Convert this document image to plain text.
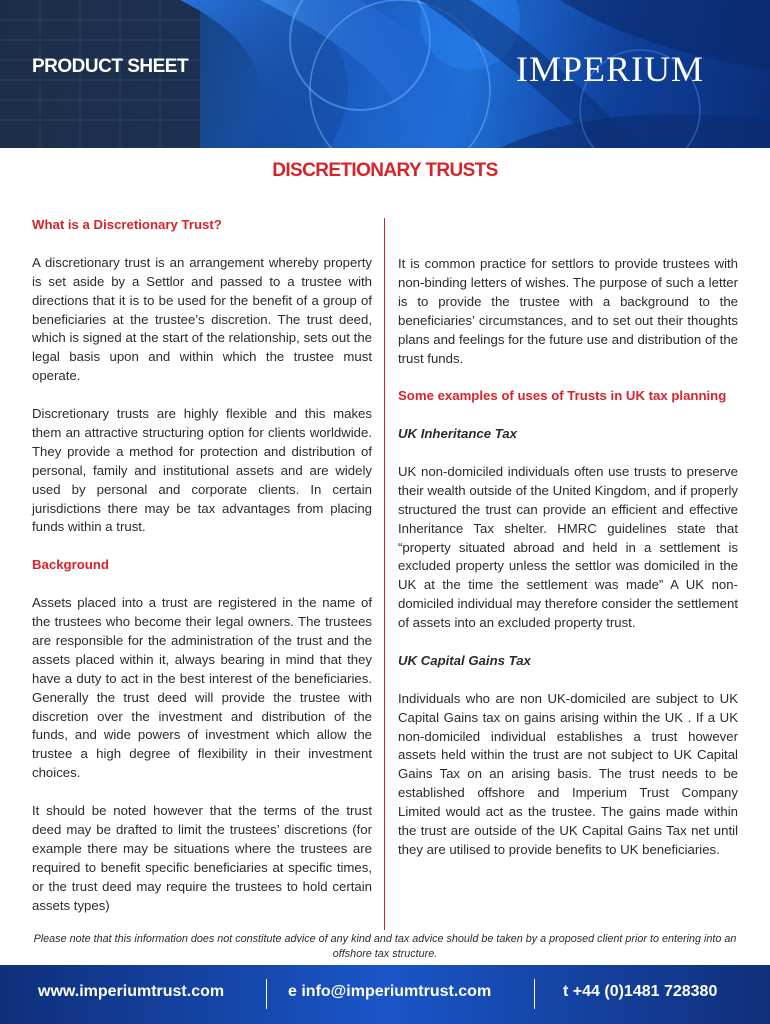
PRODUCT SHEET	IMPERIUM
DISCRETIONARY TRUSTS
What is a Discretionary Trust?

A discretionary trust is an arrangement whereby property is set aside by a Settlor and passed to a trustee with directions that it is to be used for the benefit of a group of beneficiaries at the trustee’s discretion. The trust deed, which is signed at the start of the relationship, sets out the legal basis upon and within which the trustee must operate.

Discretionary trusts are highly flexible and this makes them an attractive structuring option for clients worldwide. They provide a method for protection and distribution of personal, family and institutional assets and are widely used by personal and corporate clients. In certain jurisdictions there may be tax advantages from placing funds within a trust.

Background

Assets placed into a trust are registered in the name of the trustees who become their legal owners. The trustees are responsible for the administration of the trust and the assets placed within it, always bearing in mind that they have a duty to act in the best interest of the beneficiaries. Generally the trust deed will provide the trustee with discretion over the investment and distribution of the funds, and wide powers of investment which allow the trustee a high degree of flexibility in their investment choices.

It should be noted however that the terms of the trust deed may be drafted to limit the trustees’ discretions (for example there may be situations where the trustees are required to benefit specific beneficiaries at specific times, or the trust deed may require the trustees to hold certain assets types)

It is common practice for settlors to provide trustees with non-binding letters of wishes. The purpose of such a letter is to provide the trustee with a background to the beneficiaries’ circumstances, and to set out their thoughts plans and feelings for the future use and distribution of the trust funds.

Some examples of uses of Trusts in UK tax planning
UK Inheritance Tax

UK non-domiciled individuals often use trusts to preserve their wealth outside of the United Kingdom, and if properly structured the trust can provide an efficient and effective Inheritance Tax shelter. HMRC guidelines state that “property situated abroad and held in a settlement is excluded property unless the settlor was domiciled in the UK at the time the settlement was made” A UK non-domiciled individual may therefore consider the settlement of assets into an excluded property trust.

UK Capital Gains Tax

Individuals who are non UK-domiciled are subject to UK Capital Gains tax on gains arising within the UK . If a UK non-domiciled individual establishes a trust however assets held within the trust are not subject to UK Capital Gains Tax on an arising basis. The trust needs to be established offshore and Imperium Trust Company Limited would act as the trustee. The gains made within the trust are outside of the UK Capital Gains Tax net until they are utilised to provide benefits to UK beneficiaries.

Please note that this information does not constitute advice of any kind and tax advice should be taken by a proposed client prior to entering into an offshore tax structure.
www.imperiumtrust.com	e info@imperiumtrust.com	t +44 (0)1481 728380
